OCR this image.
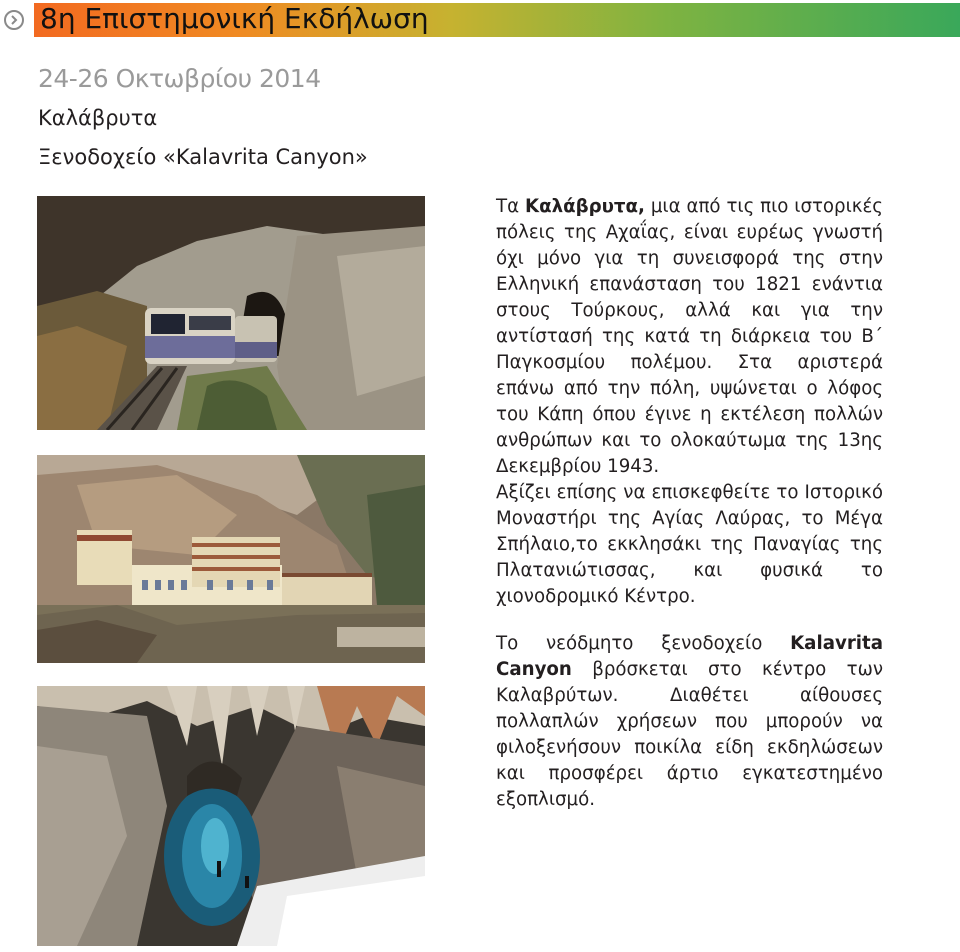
8η Επιστημονική Εκδήλωση
24-26 Οκτωβρίου 2014
Καλάβρυτα
Ξενοδοχείο «Kalavrita Canyon»

Τα Καλάβρυτα, μια από τις πιο ιστορικές πόλεις της Αχαΐας, είναι ευρέως γνωστή όχι μόνο για τη συνεισφορά της στην Ελληνική επανάσταση του 1821 ενάντια στους Τούρκους, αλλά και για την αντίστασή της κατά τη διάρκεια του Β΄ Παγκοσμίου πολέμου. Στα αριστερά επάνω από την πόλη, υψώνεται ο λόφος του Κάπη όπου έγινε η εκτέλεση πολλών ανθρώπων και το ολοκαύτωμα της 13ης Δεκεμβρίου 1943.

Αξίζει επίσης να επισκεφθείτε το Ιστορικό Μοναστήρι της Αγίας Λαύρας, το Μέγα Σπήλαιο,το εκκλησάκι της Παναγίας της Πλατανιώτισσας, και φυσικά το χιονοδρομικό Κέντρο.

Το νεόδμητο ξενοδοχείο Kalavrita Canyon βρόσκεται στο κέντρο των Καλαβρύτων. Διαθέτει αίθουσες πολλαπλών χρήσεων που μπορούν να φιλοξενήσουν ποικίλα είδη εκδηλώσεων και προσφέρει άρτιο εγκατεστημένο εξοπλισμό.
